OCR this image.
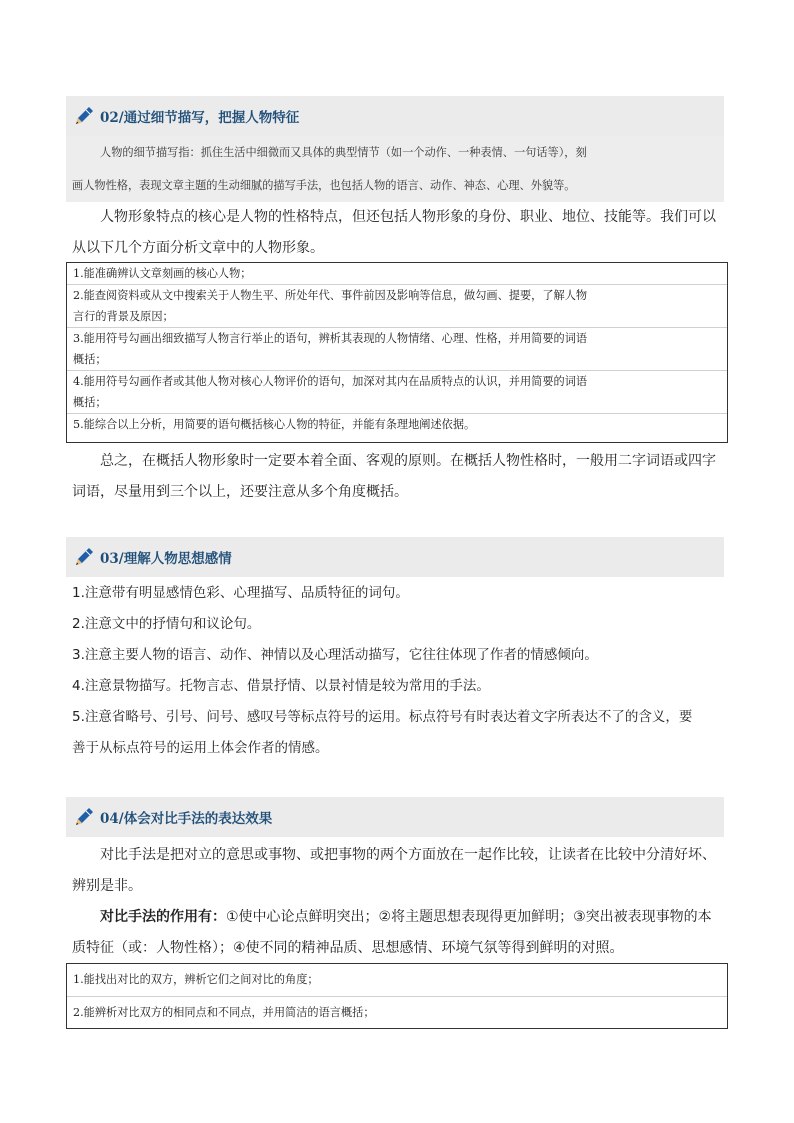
02/通过细节描写，把握人物特征

人物的细节描写指：抓住生活中细微而又具体的典型情节（如一个动作、一种表情、一句话等），刻

画人物性格，表现文章主题的生动细腻的描写手法，也包括人物的语言、动作、神态、心理、外貌等。

人物形象特点的核心是人物的性格特点，但还包括人物形象的身份、职业、地位、技能等。我们可以

从以下几个方面分析文章中的人物形象。

1.能准确辨认文章刻画的核心人物；
2.能查阅资料或从文中搜索关于人物生平、所处年代、事件前因及影响等信息，做勾画、提要，了解人物
言行的背景及原因；
3.能用符号勾画出细致描写人物言行举止的语句，辨析其表现的人物情绪、心理、性格，并用简要的词语
概括；
4.能用符号勾画作者或其他人物对核心人物评价的语句，加深对其内在品质特点的认识，并用简要的词语
概括；
5.能综合以上分析，用简要的语句概括核心人物的特征，并能有条理地阐述依据。

总之，在概括人物形象时一定要本着全面、客观的原则。在概括人物性格时，一般用二字词语或四字

词语，尽量用到三个以上，还要注意从多个角度概括。

03/理解人物思想感情

1.注意带有明显感情色彩、心理描写、品质特征的词句。

2.注意文中的抒情句和议论句。

3.注意主要人物的语言、动作、神情以及心理活动描写，它往往体现了作者的情感倾向。

4.注意景物描写。托物言志、借景抒情、以景衬情是较为常用的手法。

5.注意省略号、引号、问号、感叹号等标点符号的运用。标点符号有时表达着文字所表达不了的含义，要

善于从标点符号的运用上体会作者的情感。

04/体会对比手法的表达效果

对比手法是把对立的意思或事物、或把事物的两个方面放在一起作比较，让读者在比较中分清好坏、

辨别是非。

对比手法的作用有：①使中心论点鲜明突出；②将主题思想表现得更加鲜明；③突出被表现事物的本

质特征（或：人物性格）；④使不同的精神品质、思想感情、环境气氛等得到鲜明的对照。

1.能找出对比的双方，辨析它们之间对比的角度；
2.能辨析对比双方的相同点和不同点，并用简洁的语言概括；
